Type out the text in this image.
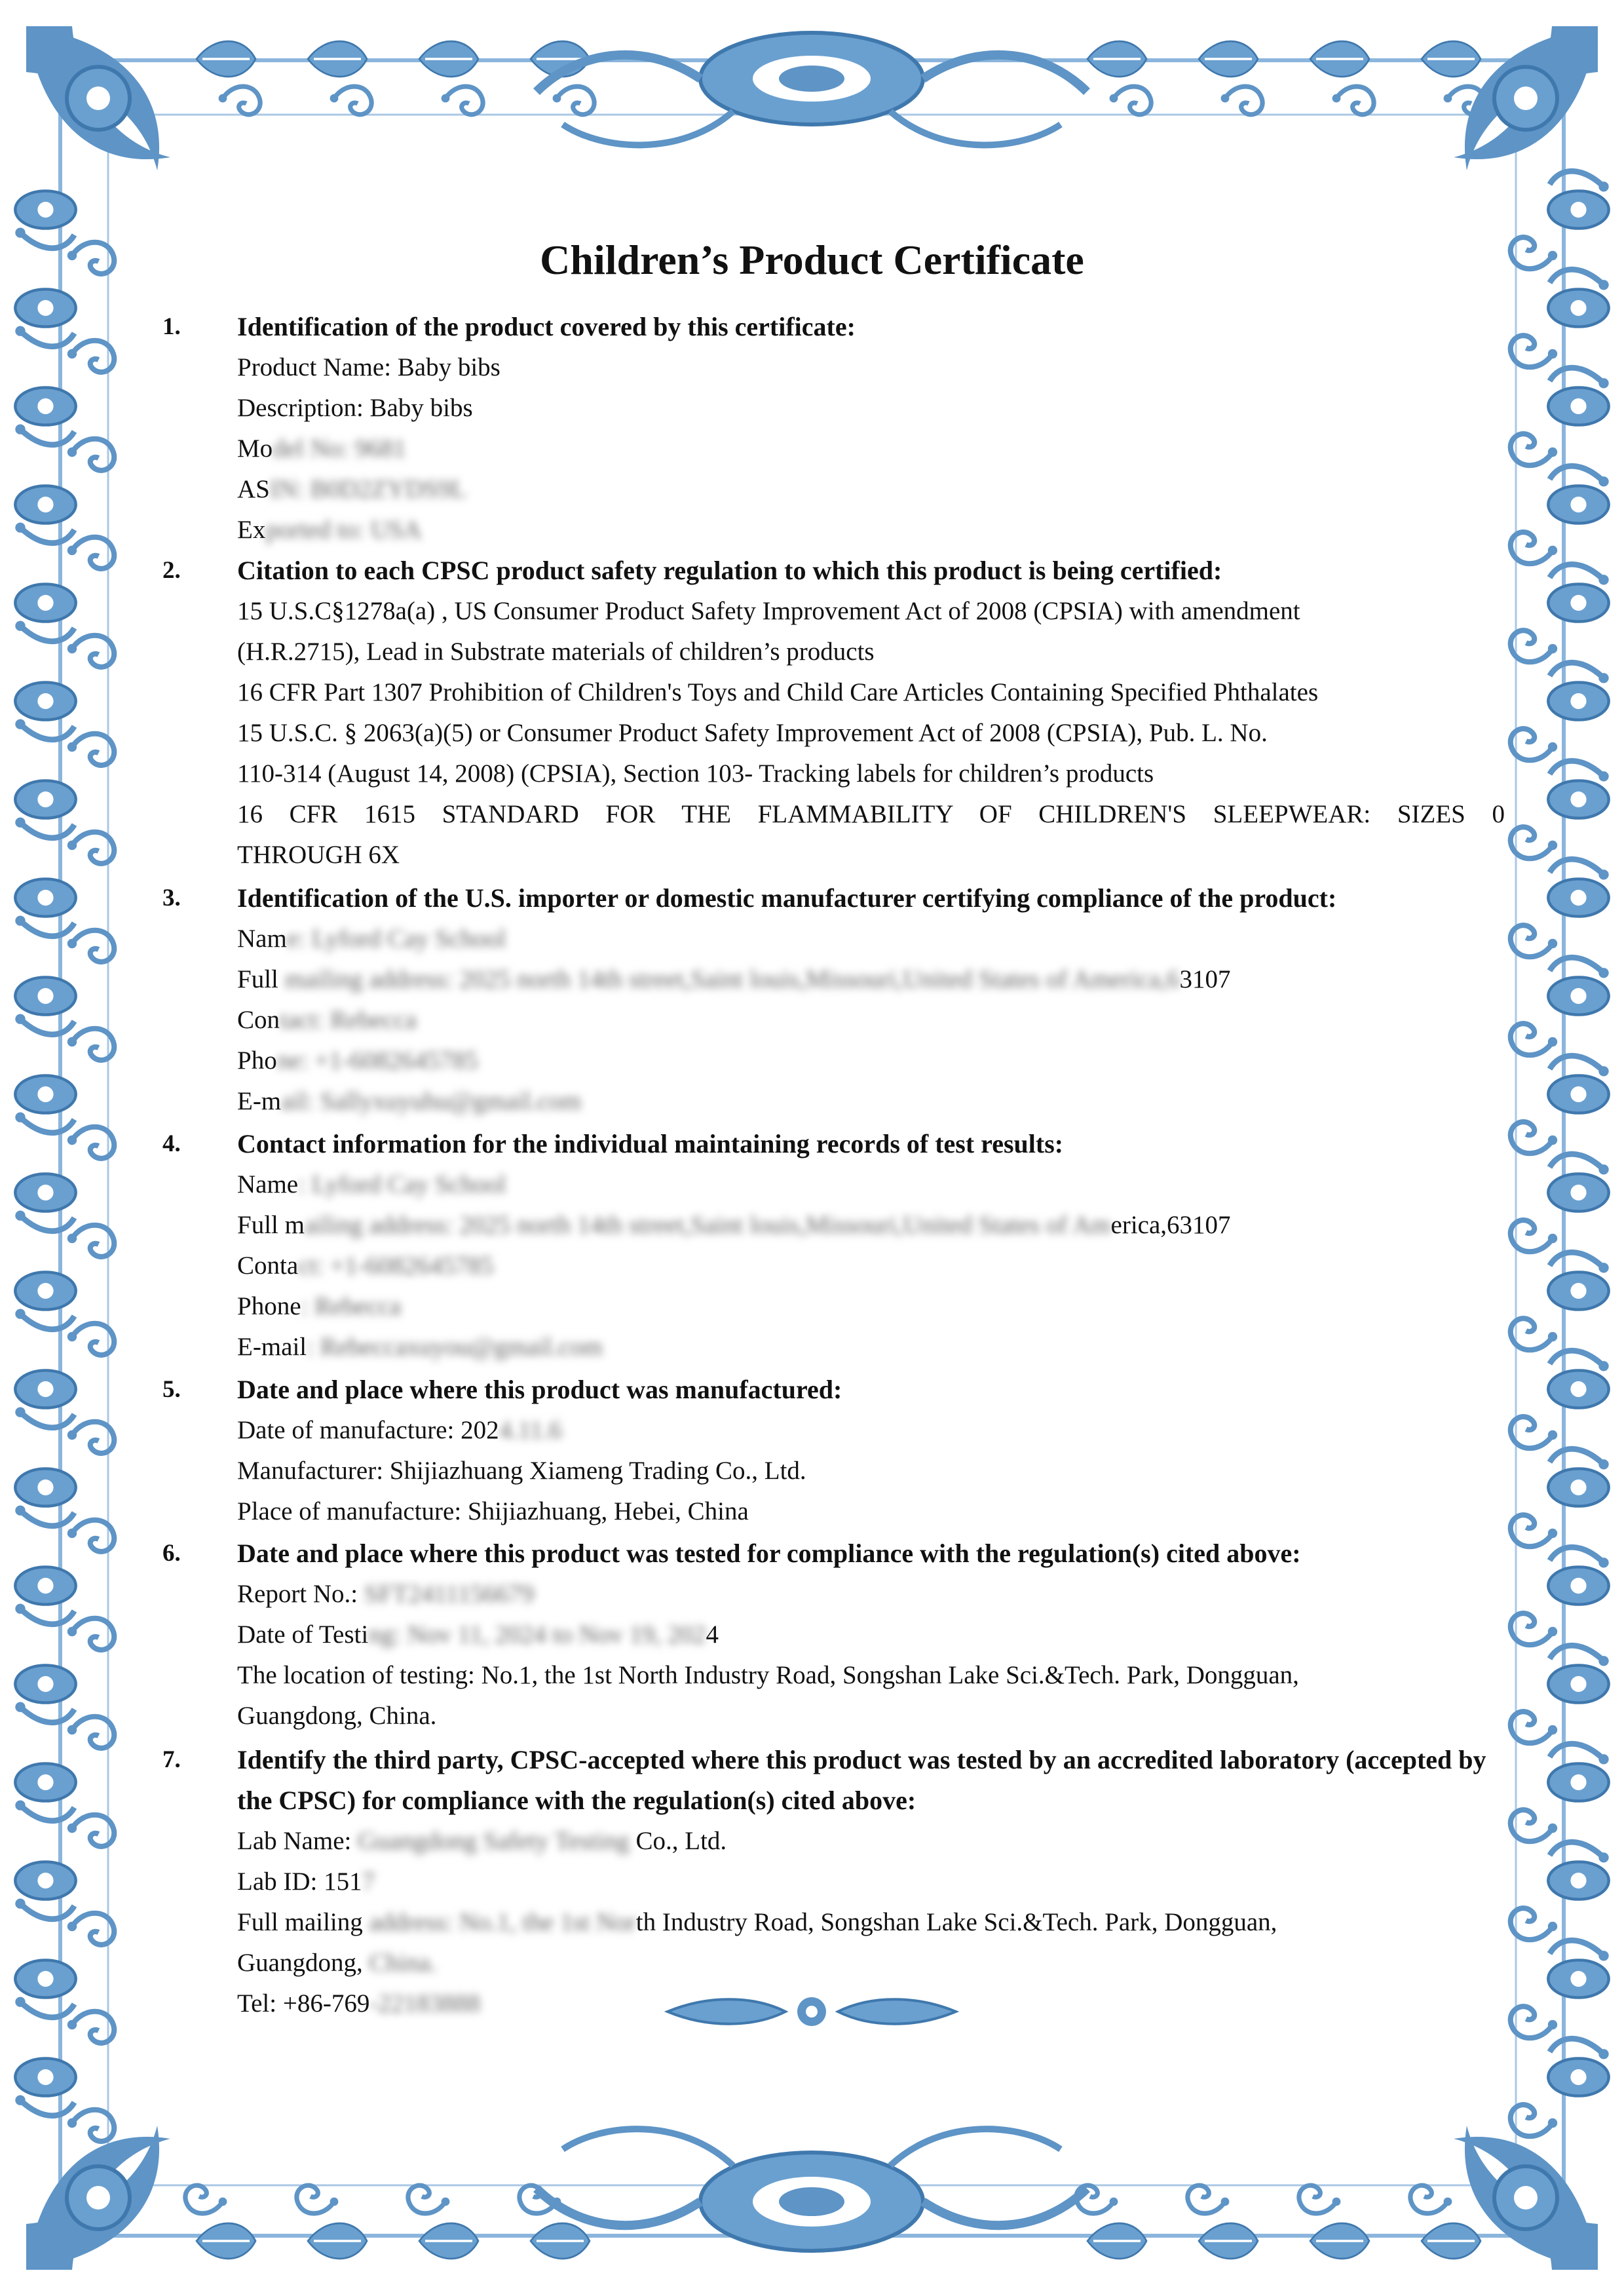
Children’s Product Certificate
1. Identification of the product covered by this certificate:
Product Name: Baby bibs
Description: Baby bibs
Model No: 9681
ASIN: B0D2ZYDS9L
Exported to: USA
2. Citation to each CPSC product safety regulation to which this product is being certified:
15 U.S.C§1278a(a) , US Consumer Product Safety Improvement Act of 2008 (CPSIA) with amendment
(H.R.2715), Lead in Substrate materials of children’s products
16 CFR Part 1307 Prohibition of Children's Toys and Child Care Articles Containing Specified Phthalates
15 U.S.C. § 2063(a)(5) or Consumer Product Safety Improvement Act of 2008 (CPSIA), Pub. L. No.
110-314 (August 14, 2008) (CPSIA), Section 103- Tracking labels for children’s products
16 CFR 1615 STANDARD FOR THE FLAMMABILITY OF CHILDREN'S SLEEPWEAR: SIZES 0
THROUGH 6X
3. Identification of the U.S. importer or domestic manufacturer certifying compliance of the product:
Name: Lyford Cay School
Full mailing address: 2025 north 14th street,Saint louis,Missouri,United States of America,63107
Contact: Rebecca
Phone: +1-6082645785
E-mail: Sallyxuyuhu@gmail.com
4. Contact information for the individual maintaining records of test results:
Name: Lyford Cay School
Full mailing address: 2025 north 14th street,Saint louis,Missouri,United States of America,63107
Contact: +1-6082645785
Phone: Rebecca
E-mail: Rebeccaxuyou@gmail.com
5. Date and place where this product was manufactured:
Date of manufacture: 2024.11.6
Manufacturer: Shijiazhuang Xiameng Trading Co., Ltd.
Place of manufacture: Shijiazhuang, Hebei, China
6. Date and place where this product was tested for compliance with the regulation(s) cited above:
Report No.: SFT2411156679
Date of Testing: Nov 11, 2024 to Nov 19, 2024
The location of testing: No.1, the 1st North Industry Road, Songshan Lake Sci.&Tech. Park, Dongguan,
Guangdong, China.
7. Identify the third party, CPSC-accepted where this product was tested by an accredited laboratory (accepted by the CPSC) for compliance with the regulation(s) cited above:
Lab Name: Guangdong Safety Testing Co., Ltd.
Lab ID: 1517
Full mailing address: No.1, the 1st North Industry Road, Songshan Lake Sci.&Tech. Park, Dongguan,
Guangdong, China.
Tel: +86-769-22183888
